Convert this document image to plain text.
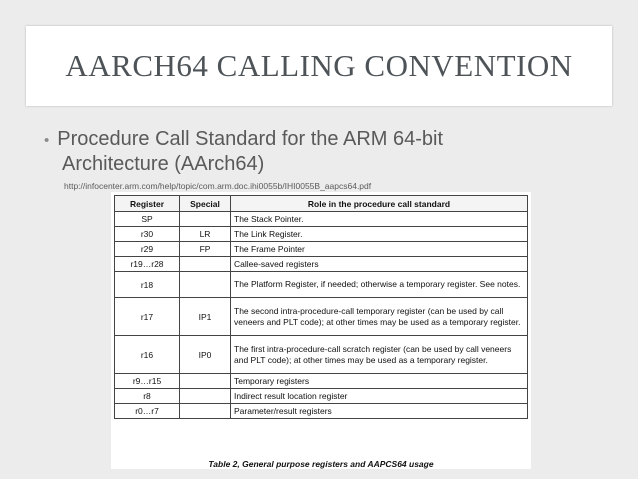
AARCH64 CALLING CONVENTION
• Procedure Call Standard for the ARM 64-bit
Architecture (AArch64)
http://infocenter.arm.com/help/topic/com.arm.doc.ihi0055b/IHI0055B_aapcs64.pdf
Register	Special	Role in the procedure call standard
SP		The Stack Pointer.
r30	LR	The Link Register.
r29	FP	The Frame Pointer
r19…r28		Callee-saved registers
r18		The Platform Register, if needed; otherwise a temporary register. See notes.
r17	IP1	The second intra-procedure-call temporary register (can be used by call veneers and PLT code); at other times may be used as a temporary register.
r16	IP0	The first intra-procedure-call scratch register (can be used by call veneers and PLT code); at other times may be used as a temporary register.
r9…r15		Temporary registers
r8		Indirect result location register
r0…r7		Parameter/result registers
Table 2, General purpose registers and AAPCS64 usage
